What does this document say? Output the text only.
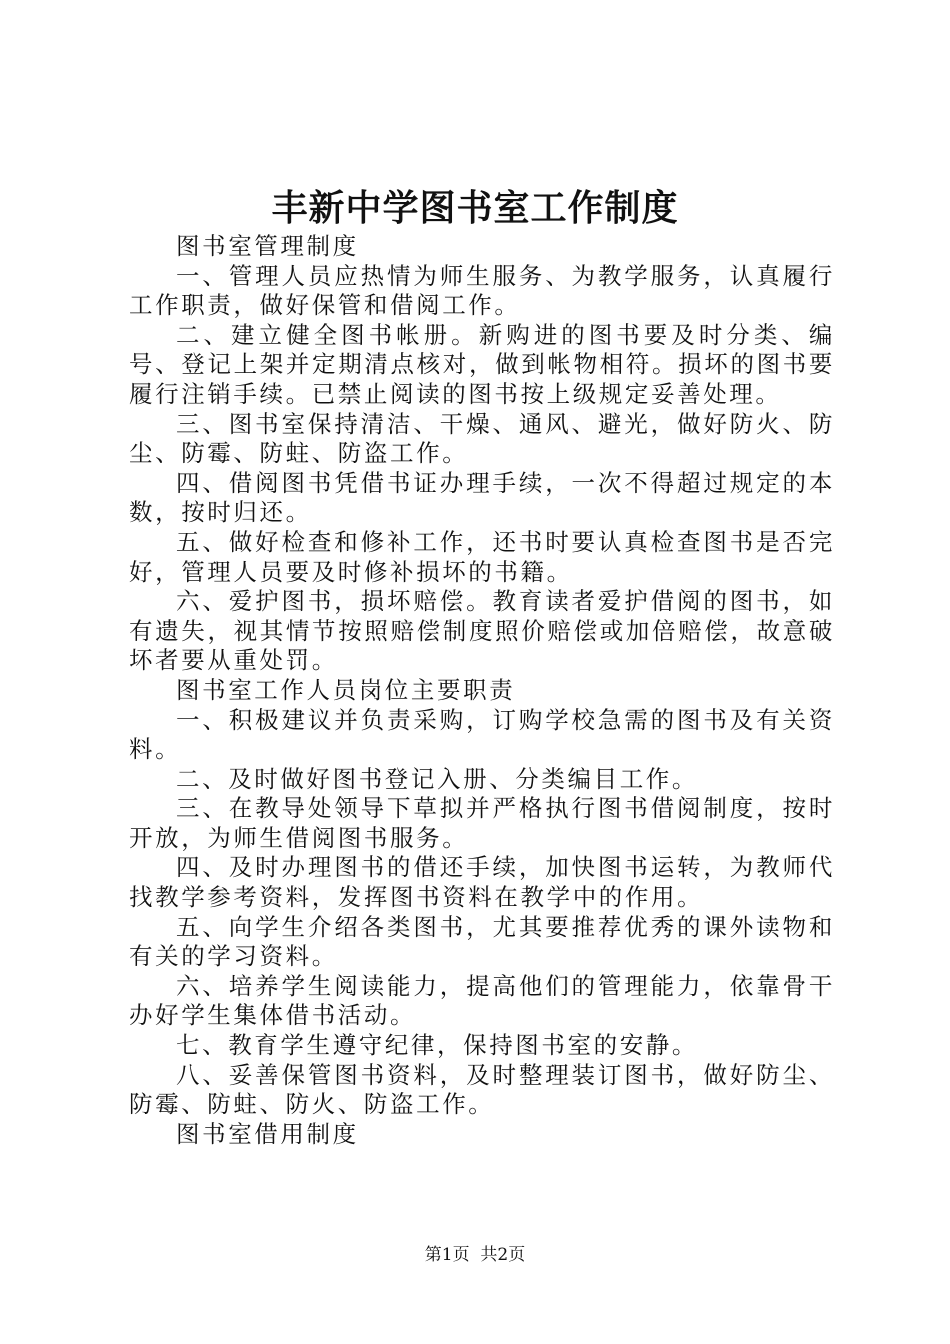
丰新中学图书室工作制度

图书室管理制度

一、管理人员应热情为师生服务、为教学服务，认真履行工作职责，做好保管和借阅工作。

二、建立健全图书帐册。新购进的图书要及时分类、编号、登记上架并定期清点核对，做到帐物相符。损坏的图书要履行注销手续。已禁止阅读的图书按上级规定妥善处理。

三、图书室保持清洁、干燥、通风、避光，做好防火、防尘、防霉、防蛀、防盗工作。

四、借阅图书凭借书证办理手续，一次不得超过规定的本数，按时归还。

五、做好检查和修补工作，还书时要认真检查图书是否完好，管理人员要及时修补损坏的书籍。

六、爱护图书，损坏赔偿。教育读者爱护借阅的图书，如有遗失，视其情节按照赔偿制度照价赔偿或加倍赔偿，故意破坏者要从重处罚。

图书室工作人员岗位主要职责

一、积极建议并负责采购，订购学校急需的图书及有关资料。

二、及时做好图书登记入册、分类编目工作。

三、在教导处领导下草拟并严格执行图书借阅制度，按时开放，为师生借阅图书服务。

四、及时办理图书的借还手续，加快图书运转，为教师代找教学参考资料，发挥图书资料在教学中的作用。

五、向学生介绍各类图书，尤其要推荐优秀的课外读物和有关的学习资料。

六、培养学生阅读能力，提高他们的管理能力，依靠骨干办好学生集体借书活动。

七、教育学生遵守纪律，保持图书室的安静。

八、妥善保管图书资料，及时整理装订图书，做好防尘、防霉、防蛀、防火、防盗工作。

图书室借用制度

第1页  共2页
